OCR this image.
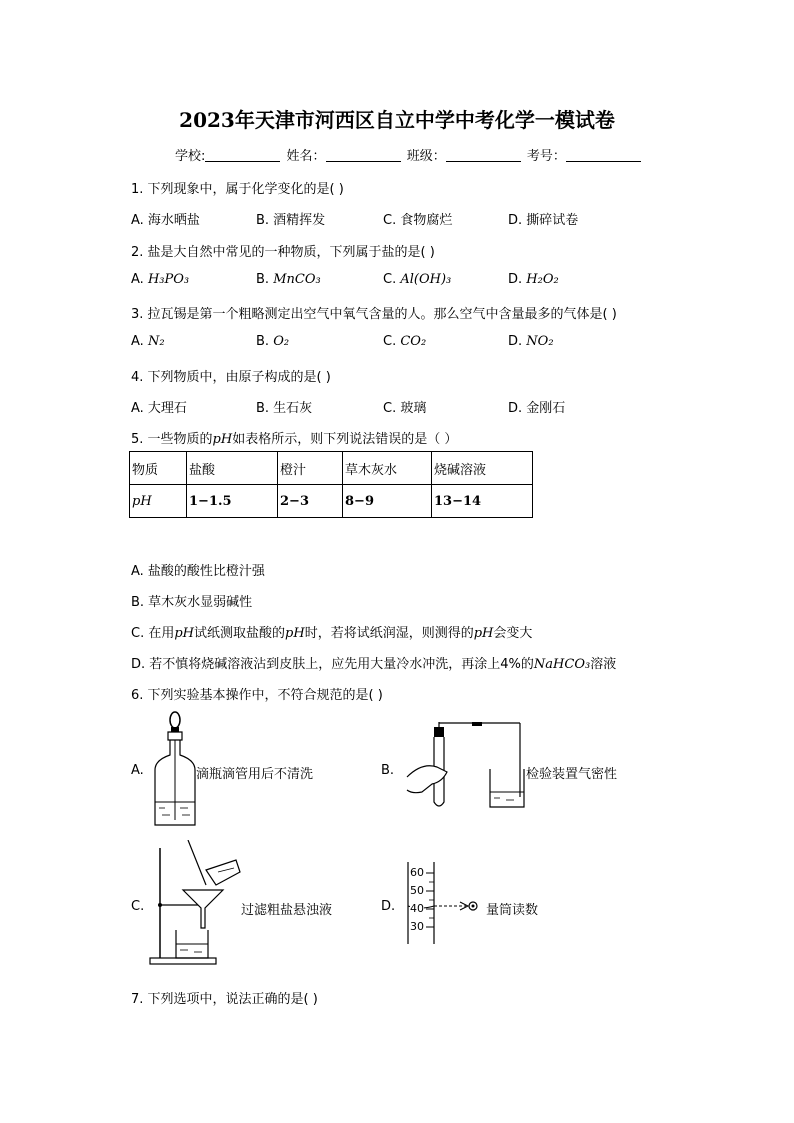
2023年天津市河西区自立中学中考化学一模试卷
学校:	姓名：	班级：	考号：
1. 下列现象中，属于化学变化的是( )
A. 海水晒盐	B. 酒精挥发	C. 食物腐烂	D. 撕碎试卷
2. 盐是大自然中常见的一种物质，下列属于盐的是( )
A. H₃PO₃	B. MnCO₃	C. Al(OH)₃	D. H₂O₂
3. 拉瓦锡是第一个粗略测定出空气中氧气含量的人。那么空气中含量最多的气体是( )
A. N₂	B. O₂	C. CO₂	D. NO₂
4. 下列物质中，由原子构成的是( )
A. 大理石	B. 生石灰	C. 玻璃	D. 金刚石
5. 一些物质的pH如表格所示，则下列说法错误的是（ ）
物质	盐酸	橙汁	草木灰水	烧碱溶液
pH	1−1.5	2−3	8−9	13−14
A. 盐酸的酸性比橙汁强
B. 草木灰水显弱碱性
C. 在用pH试纸测取盐酸的pH时，若将试纸润湿，则测得的pH会变大
D. 若不慎将烧碱溶液沾到皮肤上，应先用大量冷水冲洗，再涂上4%的NaHCO₃溶液
6. 下列实验基本操作中，不符合规范的是( )
A.	滴瓶滴管用后不清洗	B.	检验装置气密性
C.	过滤粗盐悬浊液	D.
60
50
40
30
量筒读数
7. 下列选项中，说法正确的是( )
